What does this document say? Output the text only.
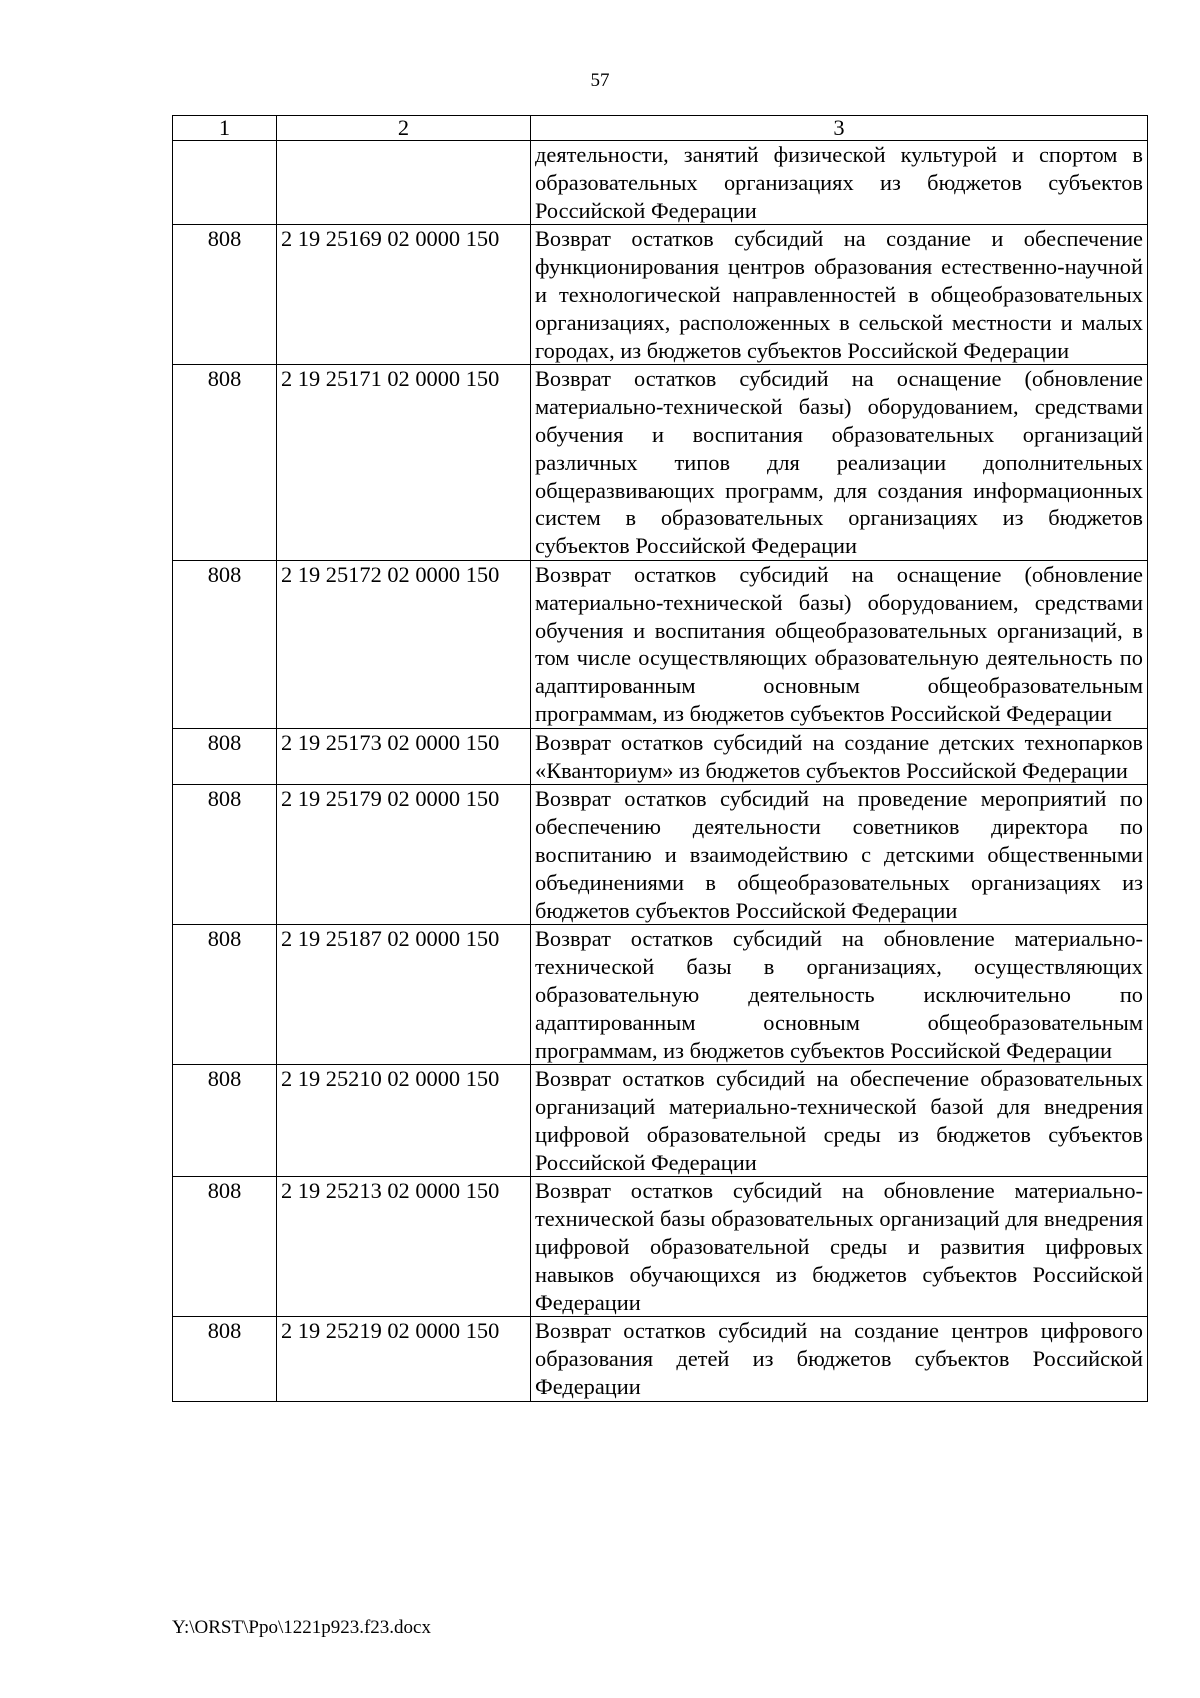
57
1	2	3
		деятельности, занятий физической культурой и спортом в образовательных организациях из бюджетов субъектов Российской Федерации
808	2 19 25169 02 0000 150	Возврат остатков субсидий на создание и обеспечение функционирования центров образования естественно-научной и технологической направленностей в общеобразовательных организациях, расположенных в сельской местности и малых городах, из бюджетов субъектов Российской Федерации
808	2 19 25171 02 0000 150	Возврат остатков субсидий на оснащение (обновление материально-технической базы) оборудованием, средствами обучения и воспитания образовательных организаций различных типов для реализации дополнительных общеразвивающих программ, для создания информационных систем в образовательных организациях из бюджетов субъектов Российской Федерации
808	2 19 25172 02 0000 150	Возврат остатков субсидий на оснащение (обновление материально-технической базы) оборудованием, средствами обучения и воспитания общеобразовательных организаций, в том числе осуществляющих образовательную деятельность по адаптированным основным общеобразовательным программам, из бюджетов субъектов Российской Федерации
808	2 19 25173 02 0000 150	Возврат остатков субсидий на создание детских технопарков «Кванториум» из бюджетов субъектов Российской Федерации
808	2 19 25179 02 0000 150	Возврат остатков субсидий на проведение мероприятий по обеспечению деятельности советников директора по воспитанию и взаимодействию с детскими общественными объединениями в общеобразовательных организациях из бюджетов субъектов Российской Федерации
808	2 19 25187 02 0000 150	Возврат остатков субсидий на обновление материально-технической базы в организациях, осуществляющих образовательную деятельность исключительно по адаптированным основным общеобразовательным программам, из бюджетов субъектов Российской Федерации
808	2 19 25210 02 0000 150	Возврат остатков субсидий на обеспечение образовательных организаций материально-технической базой для внедрения цифровой образовательной среды из бюджетов субъектов Российской Федерации
808	2 19 25213 02 0000 150	Возврат остатков субсидий на обновление материально-технической базы образовательных организаций для внедрения цифровой образовательной среды и развития цифровых навыков обучающихся из бюджетов субъектов Российской Федерации
808	2 19 25219 02 0000 150	Возврат остатков субсидий на создание центров цифрового образования детей из бюджетов субъектов Российской Федерации
Y:\ORST\Ppo\1221p923.f23.docx
